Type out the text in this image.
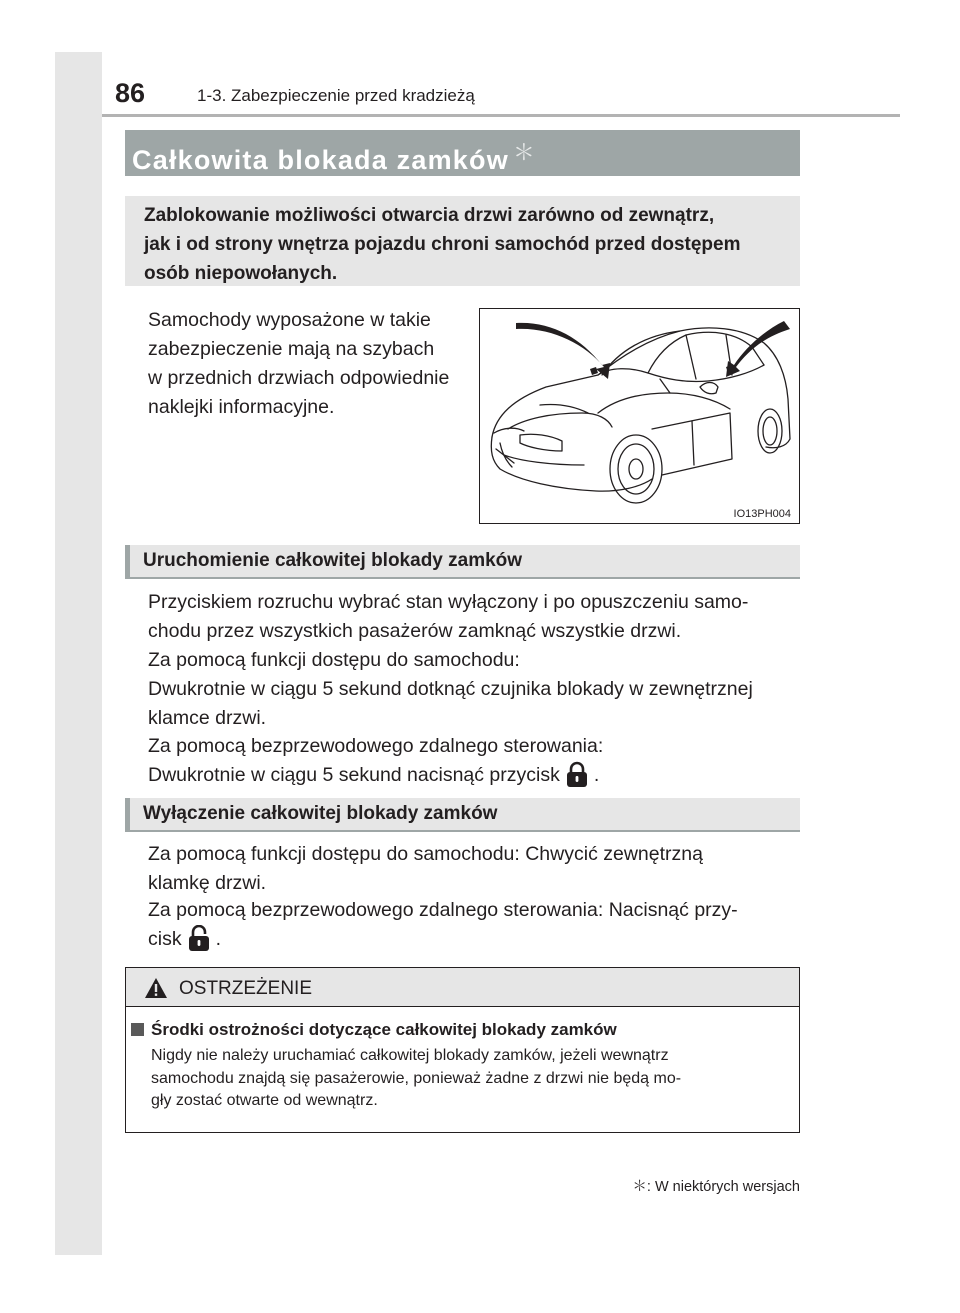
86	1-3. Zabezpieczenie przed kradzieżą
Całkowita blokada zamków ＊

Zablokowanie możliwości otwarcia drzwi zarówno od zewnątrz,
jak i od strony wnętrza pojazdu chroni samochód przed dostępem
osób niepowołanych.

Samochody wyposażone w takie
zabezpieczenie mają na szybach
w przednich drzwiach odpowiednie
naklejki informacyjne.

IO13PH004
Uruchomienie całkowitej blokady zamków

Przyciskiem rozruchu wybrać stan wyłączony i po opuszczeniu samo-
chodu przez wszystkich pasażerów zamknąć wszystkie drzwi.

Za pomocą funkcji dostępu do samochodu:
Dwukrotnie w ciągu 5 sekund dotknąć czujnika blokady w zewnętrznej
klamce drzwi.

Za pomocą bezprzewodowego zdalnego sterowania:
Dwukrotnie w ciągu 5 sekund nacisnąć przycisk .

Wyłączenie całkowitej blokady zamków

Za pomocą funkcji dostępu do samochodu: Chwycić zewnętrzną
klamkę drzwi.

Za pomocą bezprzewodowego zdalnego sterowania: Nacisnąć przy-
cisk .

OSTRZEŻENIE
Środki ostrożności dotyczące całkowitej blokady zamków

Nigdy nie należy uruchamiać całkowitej blokady zamków, jeżeli wewnątrz
samochodu znajdą się pasażerowie, ponieważ żadne z drzwi nie będą mo-
gły zostać otwarte od wewnątrz.

＊: W niektórych wersjach
